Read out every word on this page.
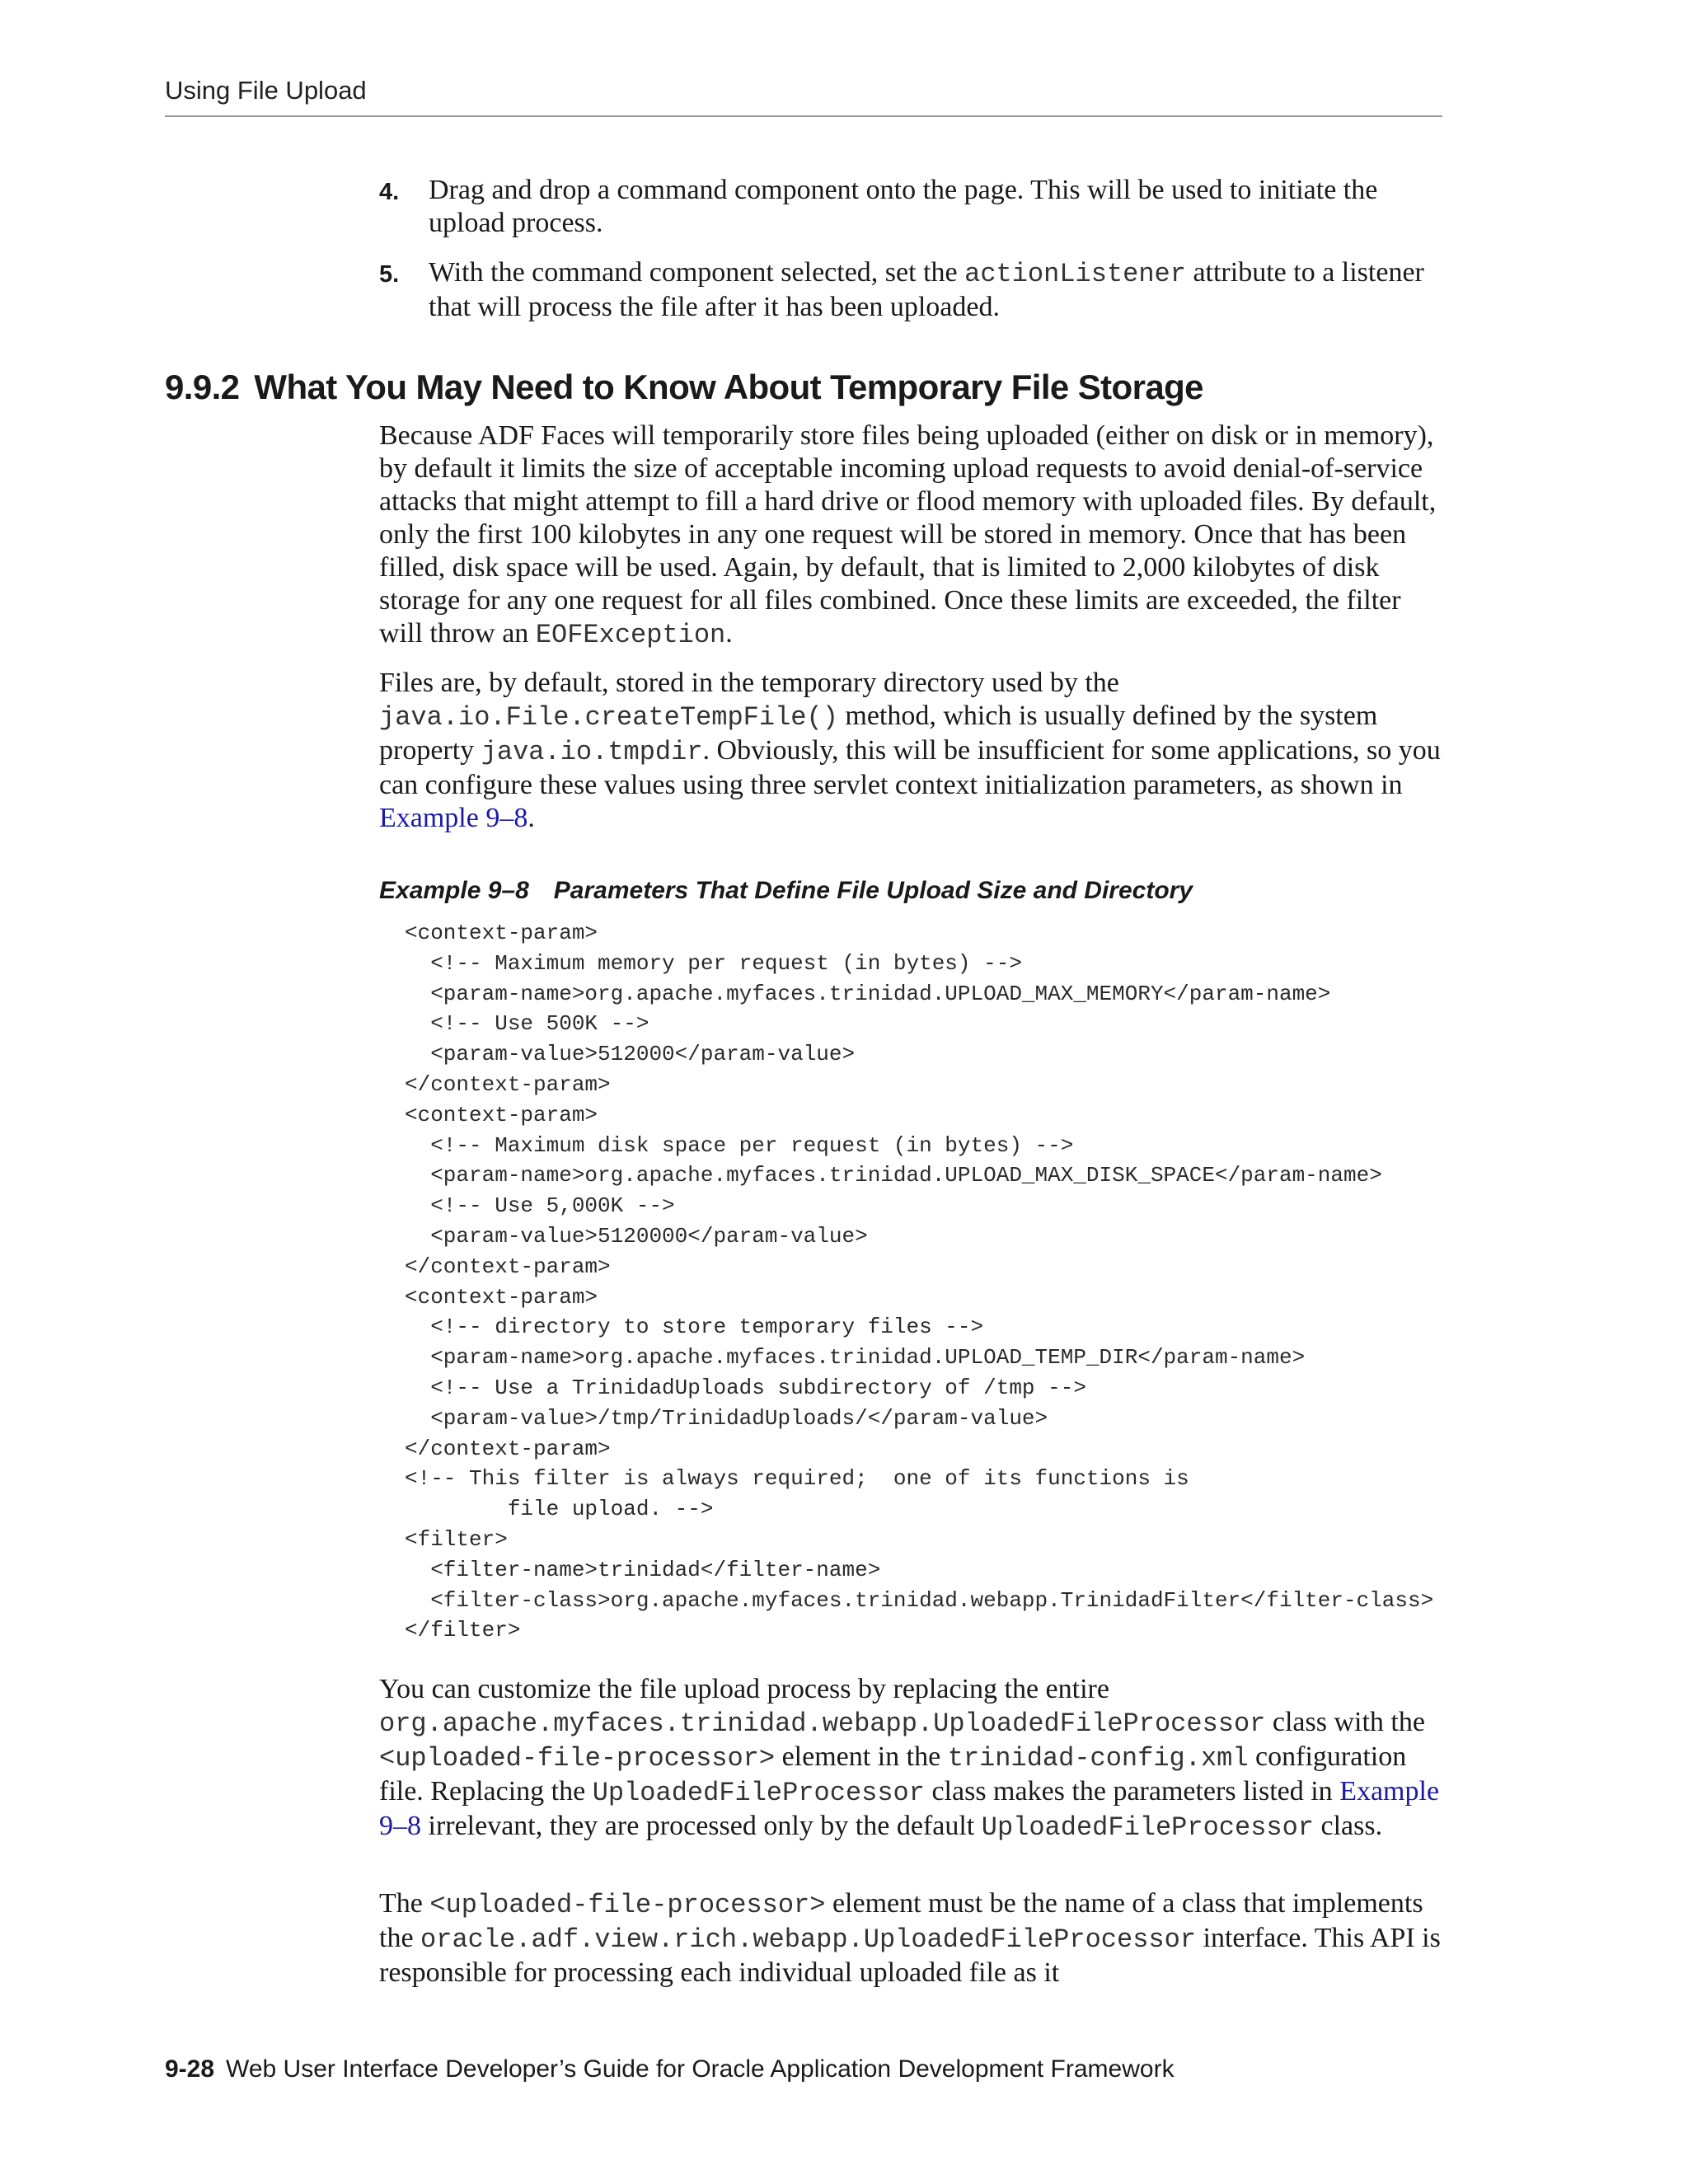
Using File Upload
4. Drag and drop a command component onto the page. This will be used to initiate the upload process.
5. With the command component selected, set the actionListener attribute to a listener that will process the file after it has been uploaded.
9.9.2 What You May Need to Know About Temporary File Storage

Because ADF Faces will temporarily store files being uploaded (either on disk or in memory), by default it limits the size of acceptable incoming upload requests to avoid denial-of-service attacks that might attempt to fill a hard drive or flood memory with uploaded files. By default, only the first 100 kilobytes in any one request will be stored in memory. Once that has been filled, disk space will be used. Again, by default, that is limited to 2,000 kilobytes of disk storage for any one request for all files combined. Once these limits are exceeded, the filter will throw an EOFException.

Files are, by default, stored in the temporary directory used by the java.io.File.createTempFile() method, which is usually defined by the system property java.io.tmpdir. Obviously, this will be insufficient for some applications, so you can configure these values using three servlet context initialization parameters, as shown in Example 9–8.

Example 9–8 Parameters That Define File Upload Size and Directory
<context-param>
<!-- Maximum memory per request (in bytes) -->
<param-name>org.apache.myfaces.trinidad.UPLOAD_MAX_MEMORY</param-name>
<!-- Use 500K -->
<param-value>512000</param-value>
</context-param>
<context-param>
<!-- Maximum disk space per request (in bytes) -->
<param-name>org.apache.myfaces.trinidad.UPLOAD_MAX_DISK_SPACE</param-name>
<!-- Use 5,000K -->
<param-value>5120000</param-value>
</context-param>
<context-param>
<!-- directory to store temporary files -->
<param-name>org.apache.myfaces.trinidad.UPLOAD_TEMP_DIR</param-name>
<!-- Use a TrinidadUploads subdirectory of /tmp -->
<param-value>/tmp/TrinidadUploads/</param-value>
</context-param>
<!-- This filter is always required;  one of its functions is
file upload. -->
<filter>
<filter-name>trinidad</filter-name>
<filter-class>org.apache.myfaces.trinidad.webapp.TrinidadFilter</filter-class>
</filter>

You can customize the file upload process by replacing the entire org.apache.myfaces.trinidad.webapp.UploadedFileProcessor class with the <uploaded-file-processor> element in the trinidad-config.xml configuration file. Replacing the UploadedFileProcessor class makes the parameters listed in Example 9–8 irrelevant, they are processed only by the default UploadedFileProcessor class.

The <uploaded-file-processor> element must be the name of a class that implements the oracle.adf.view.rich.webapp.UploadedFileProcessor interface. This API is responsible for processing each individual uploaded file as it

9-28 Web User Interface Developer’s Guide for Oracle Application Development Framework
